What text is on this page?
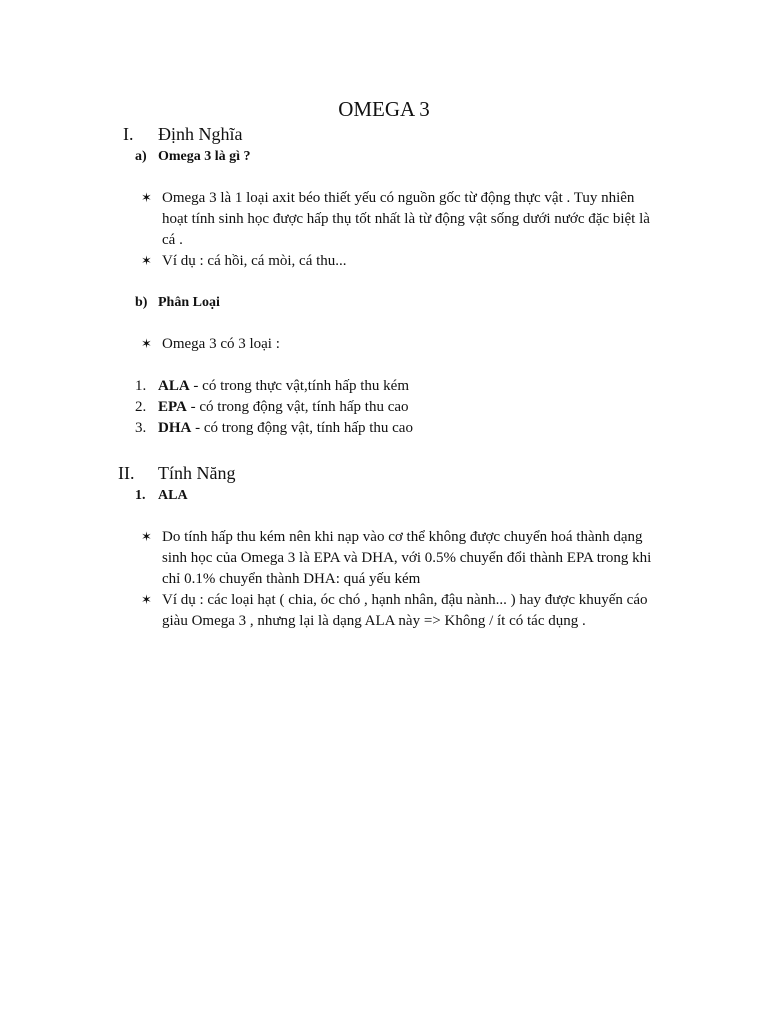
OMEGA 3
I. Định Nghĩa
a) Omega 3 là gì ?
✶ Omega 3 là 1 loại axit béo thiết yếu có nguồn gốc từ động thực vật . Tuy nhiên hoạt tính sinh học được hấp thụ tốt nhất là từ động vật sống dưới nước đặc biệt là cá .
✶ Ví dụ : cá hồi, cá mòi, cá thu...
b) Phân Loại
✶ Omega 3 có 3 loại :
1. ALA - có trong thực vật,tính hấp thu kém
2. EPA - có trong động vật, tính hấp thu cao
3. DHA - có trong động vật, tính hấp thu cao
II. Tính Năng
1. ALA
✶ Do tính hấp thu kém nên khi nạp vào cơ thể không được chuyển hoá thành dạng sinh học của Omega 3 là EPA và DHA, với 0.5% chuyển đổi thành EPA trong khi chỉ 0.1% chuyển thành DHA: quá yếu kém
✶ Ví dụ : các loại hạt ( chia, óc chó , hạnh nhân, đậu nành... ) hay được khuyến cáo giàu Omega 3 , nhưng lại là dạng ALA này => Không / ít có tác dụng .
